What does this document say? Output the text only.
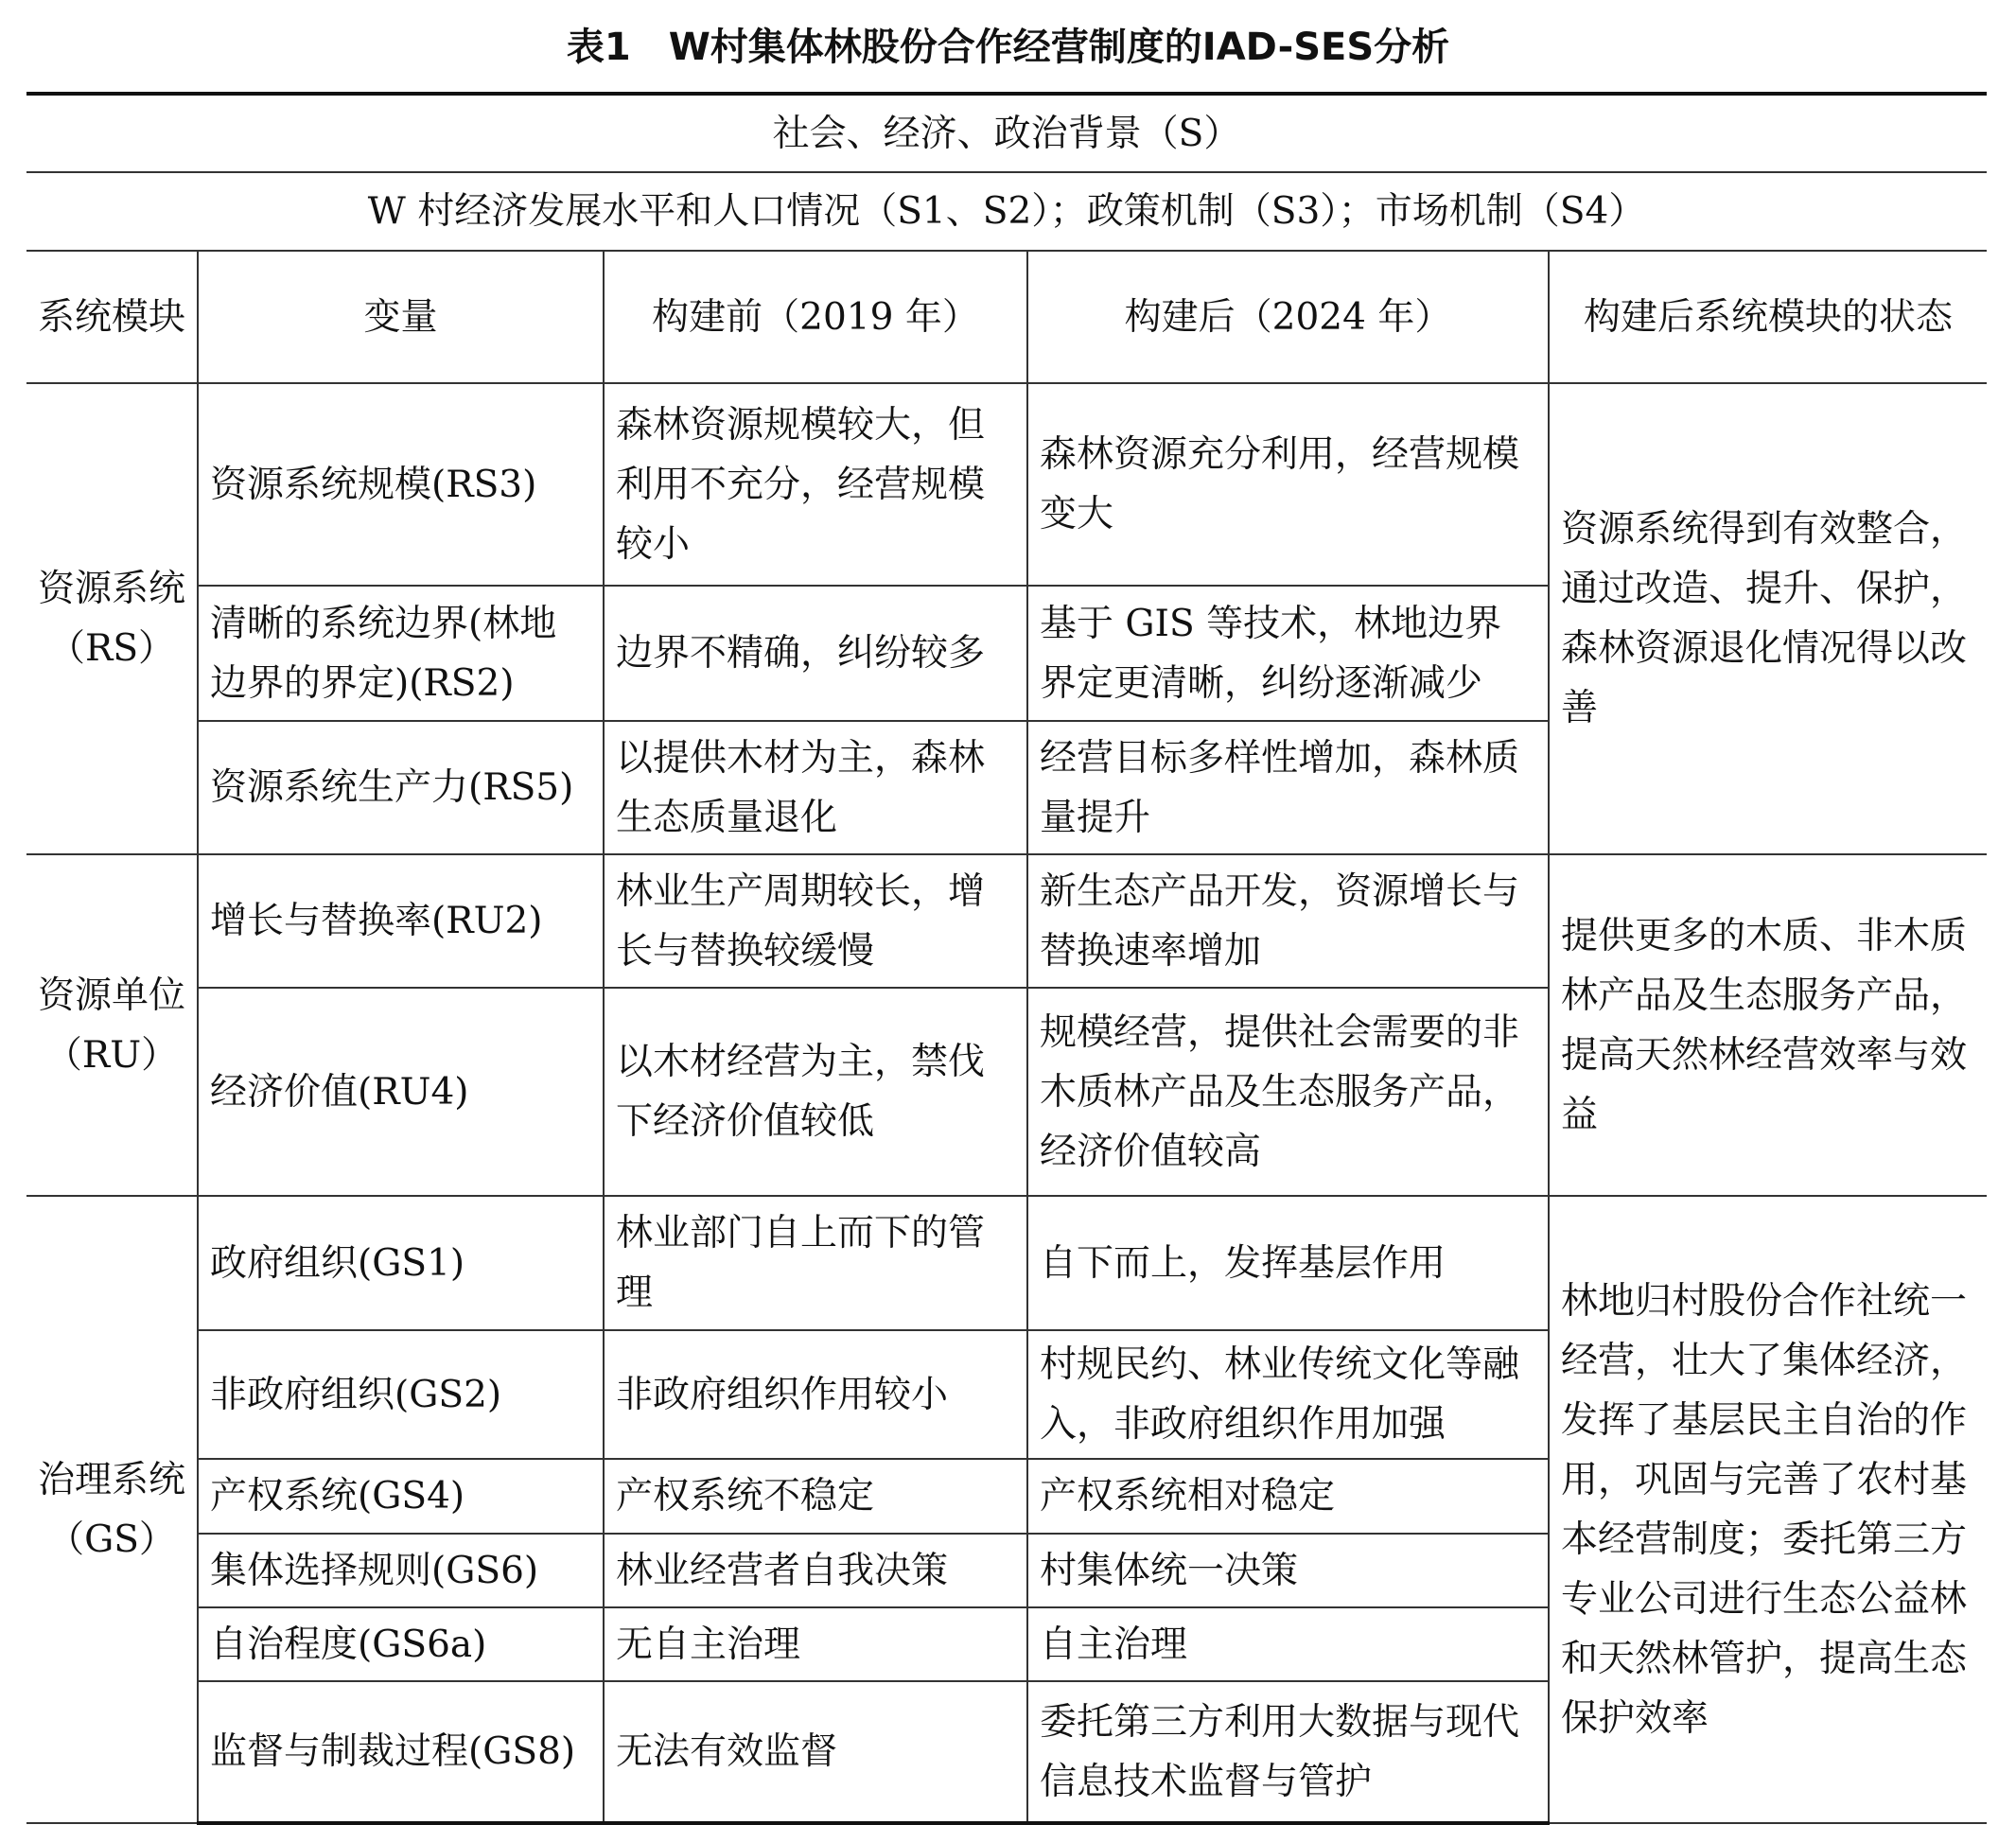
表1 W村集体林股份合作经营制度的IAD-SES分析
社会、经济、政治背景（S）				
W 村经济发展水平和人口情况（S1、S2）；政策机制（S3）；市场机制（S4）				
系统模块	变量	构建前（2019 年）	构建后（2024 年）	构建后系统模块的状态
资源系统（RS）	资源系统规模(RS3)	森林资源规模较大，但利用不充分，经营规模较小	森林资源充分利用，经营规模变大	资源系统得到有效整合，通过改造、提升、保护，森林资源退化情况得以改善
	清晰的系统边界(林地边界的界定)(RS2)	边界不精确，纠纷较多	基于 GIS 等技术，林地边界界定更清晰，纠纷逐渐减少	
	资源系统生产力(RS5)	以提供木材为主，森林生态质量退化	经营目标多样性增加，森林质量提升	
资源单位（RU）	增长与替换率(RU2)	林业生产周期较长，增长与替换较缓慢	新生态产品开发，资源增长与替换速率增加	提供更多的木质、非木质林产品及生态服务产品，提高天然林经营效率与效益
	经济价值(RU4)	以木材经营为主，禁伐下经济价值较低	规模经营，提供社会需要的非木质林产品及生态服务产品，经济价值较高	
治理系统（GS）	政府组织(GS1)	林业部门自上而下的管理	自下而上，发挥基层作用	林地归村股份合作社统一经营，壮大了集体经济，发挥了基层民主自治的作用，巩固与完善了农村基本经营制度；委托第三方专业公司进行生态公益林和天然林管护，提高生态保护效率
	非政府组织(GS2)	非政府组织作用较小	村规民约、林业传统文化等融入，非政府组织作用加强	
	产权系统(GS4)	产权系统不稳定	产权系统相对稳定	
	集体选择规则(GS6)	林业经营者自我决策	村集体统一决策	
	自治程度(GS6a)	无自主治理	自主治理	
	监督与制裁过程(GS8)	无法有效监督	委托第三方利用大数据与现代信息技术监督与管护	
